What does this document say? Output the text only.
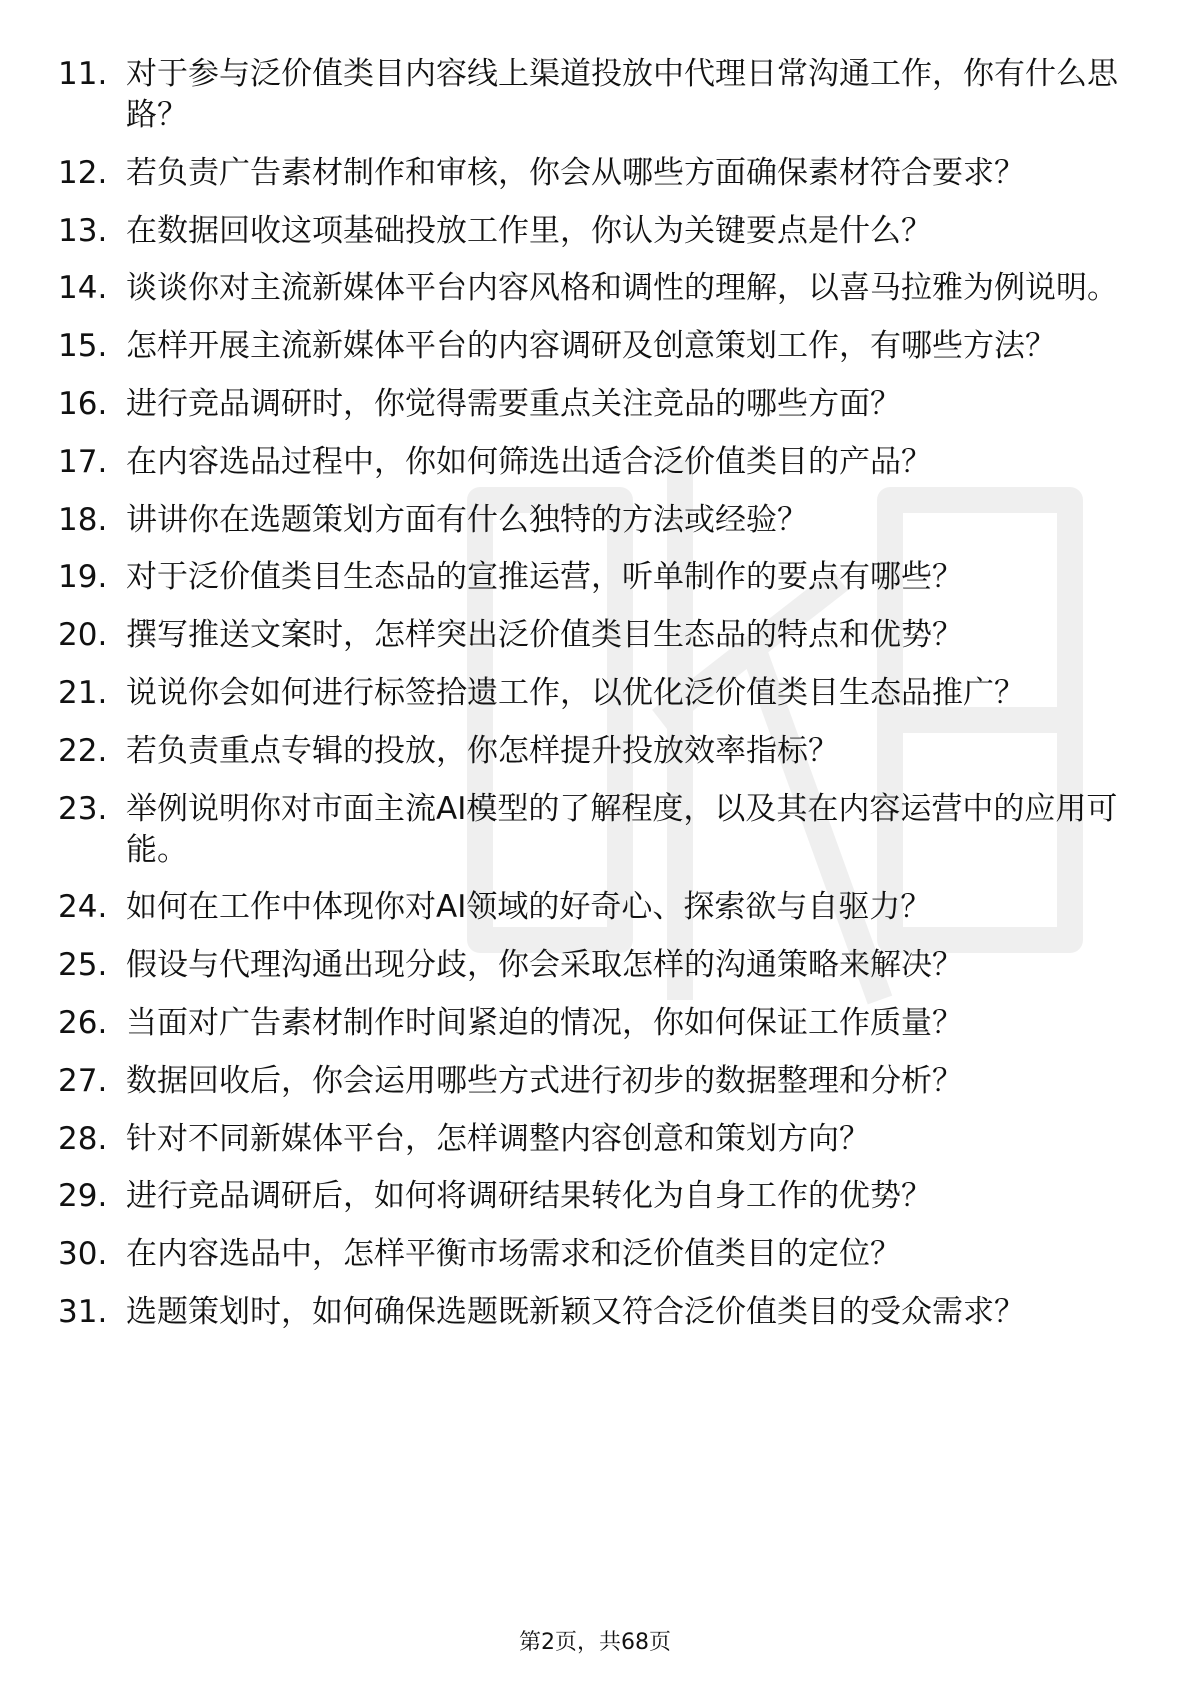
11. 对于参与泛价值类目内容线上渠道投放中代理日常沟通工作，你有什么思路？
12. 若负责广告素材制作和审核，你会从哪些方面确保素材符合要求？
13. 在数据回收这项基础投放工作里，你认为关键要点是什么？
14. 谈谈你对主流新媒体平台内容风格和调性的理解，以喜马拉雅为例说明。
15. 怎样开展主流新媒体平台的内容调研及创意策划工作，有哪些方法？
16. 进行竞品调研时，你觉得需要重点关注竞品的哪些方面？
17. 在内容选品过程中，你如何筛选出适合泛价值类目的产品？
18. 讲讲你在选题策划方面有什么独特的方法或经验？
19. 对于泛价值类目生态品的宣推运营，听单制作的要点有哪些？
20. 撰写推送文案时，怎样突出泛价值类目生态品的特点和优势？
21. 说说你会如何进行标签拾遗工作，以优化泛价值类目生态品推广？
22. 若负责重点专辑的投放，你怎样提升投放效率指标？
23. 举例说明你对市面主流AI模型的了解程度，以及其在内容运营中的应用可能。
24. 如何在工作中体现你对AI领域的好奇心、探索欲与自驱力？
25. 假设与代理沟通出现分歧，你会采取怎样的沟通策略来解决？
26. 当面对广告素材制作时间紧迫的情况，你如何保证工作质量？
27. 数据回收后，你会运用哪些方式进行初步的数据整理和分析？
28. 针对不同新媒体平台，怎样调整内容创意和策划方向？
29. 进行竞品调研后，如何将调研结果转化为自身工作的优势？
30. 在内容选品中，怎样平衡市场需求和泛价值类目的定位？
31. 选题策划时，如何确保选题既新颖又符合泛价值类目的受众需求？
第2页，共68页
